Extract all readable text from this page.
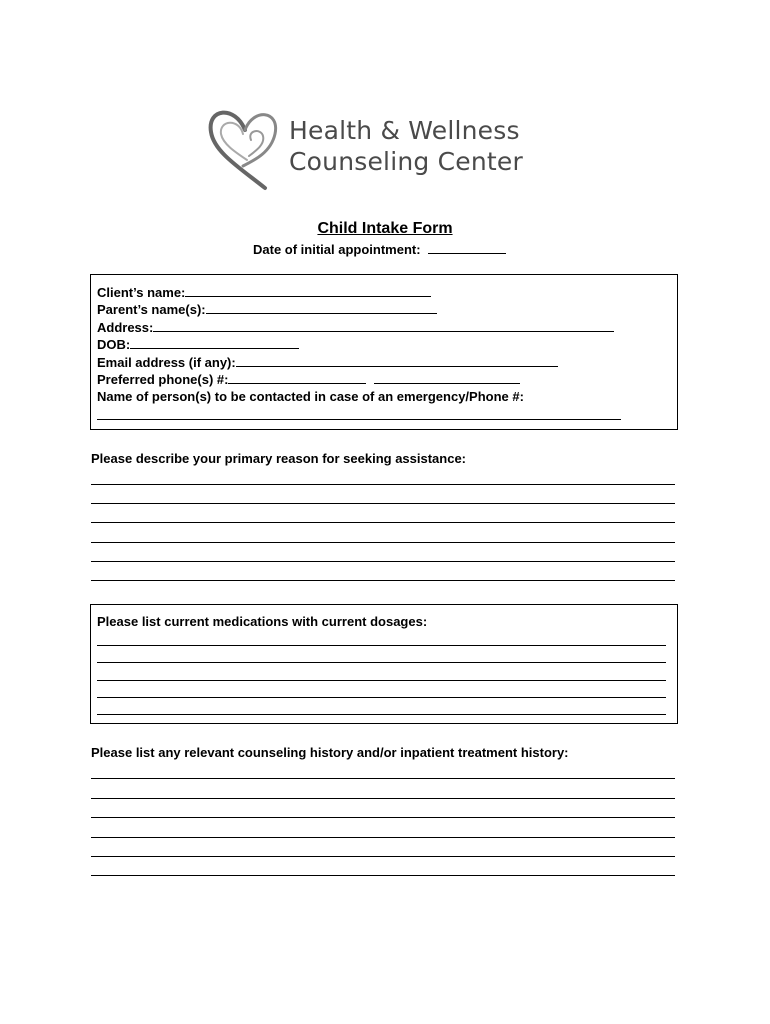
Health & Wellness
Counseling Center
Child Intake Form
Date of initial appointment:
Client’s name:
Parent’s name(s):
Address:
DOB:
Email address (if any):
Preferred phone(s) #:
Name of person(s) to be contacted in case of an emergency/Phone #:
Please describe your primary reason for seeking assistance:
Please list current medications with current dosages:
Please list any relevant counseling history and/or inpatient treatment history:
